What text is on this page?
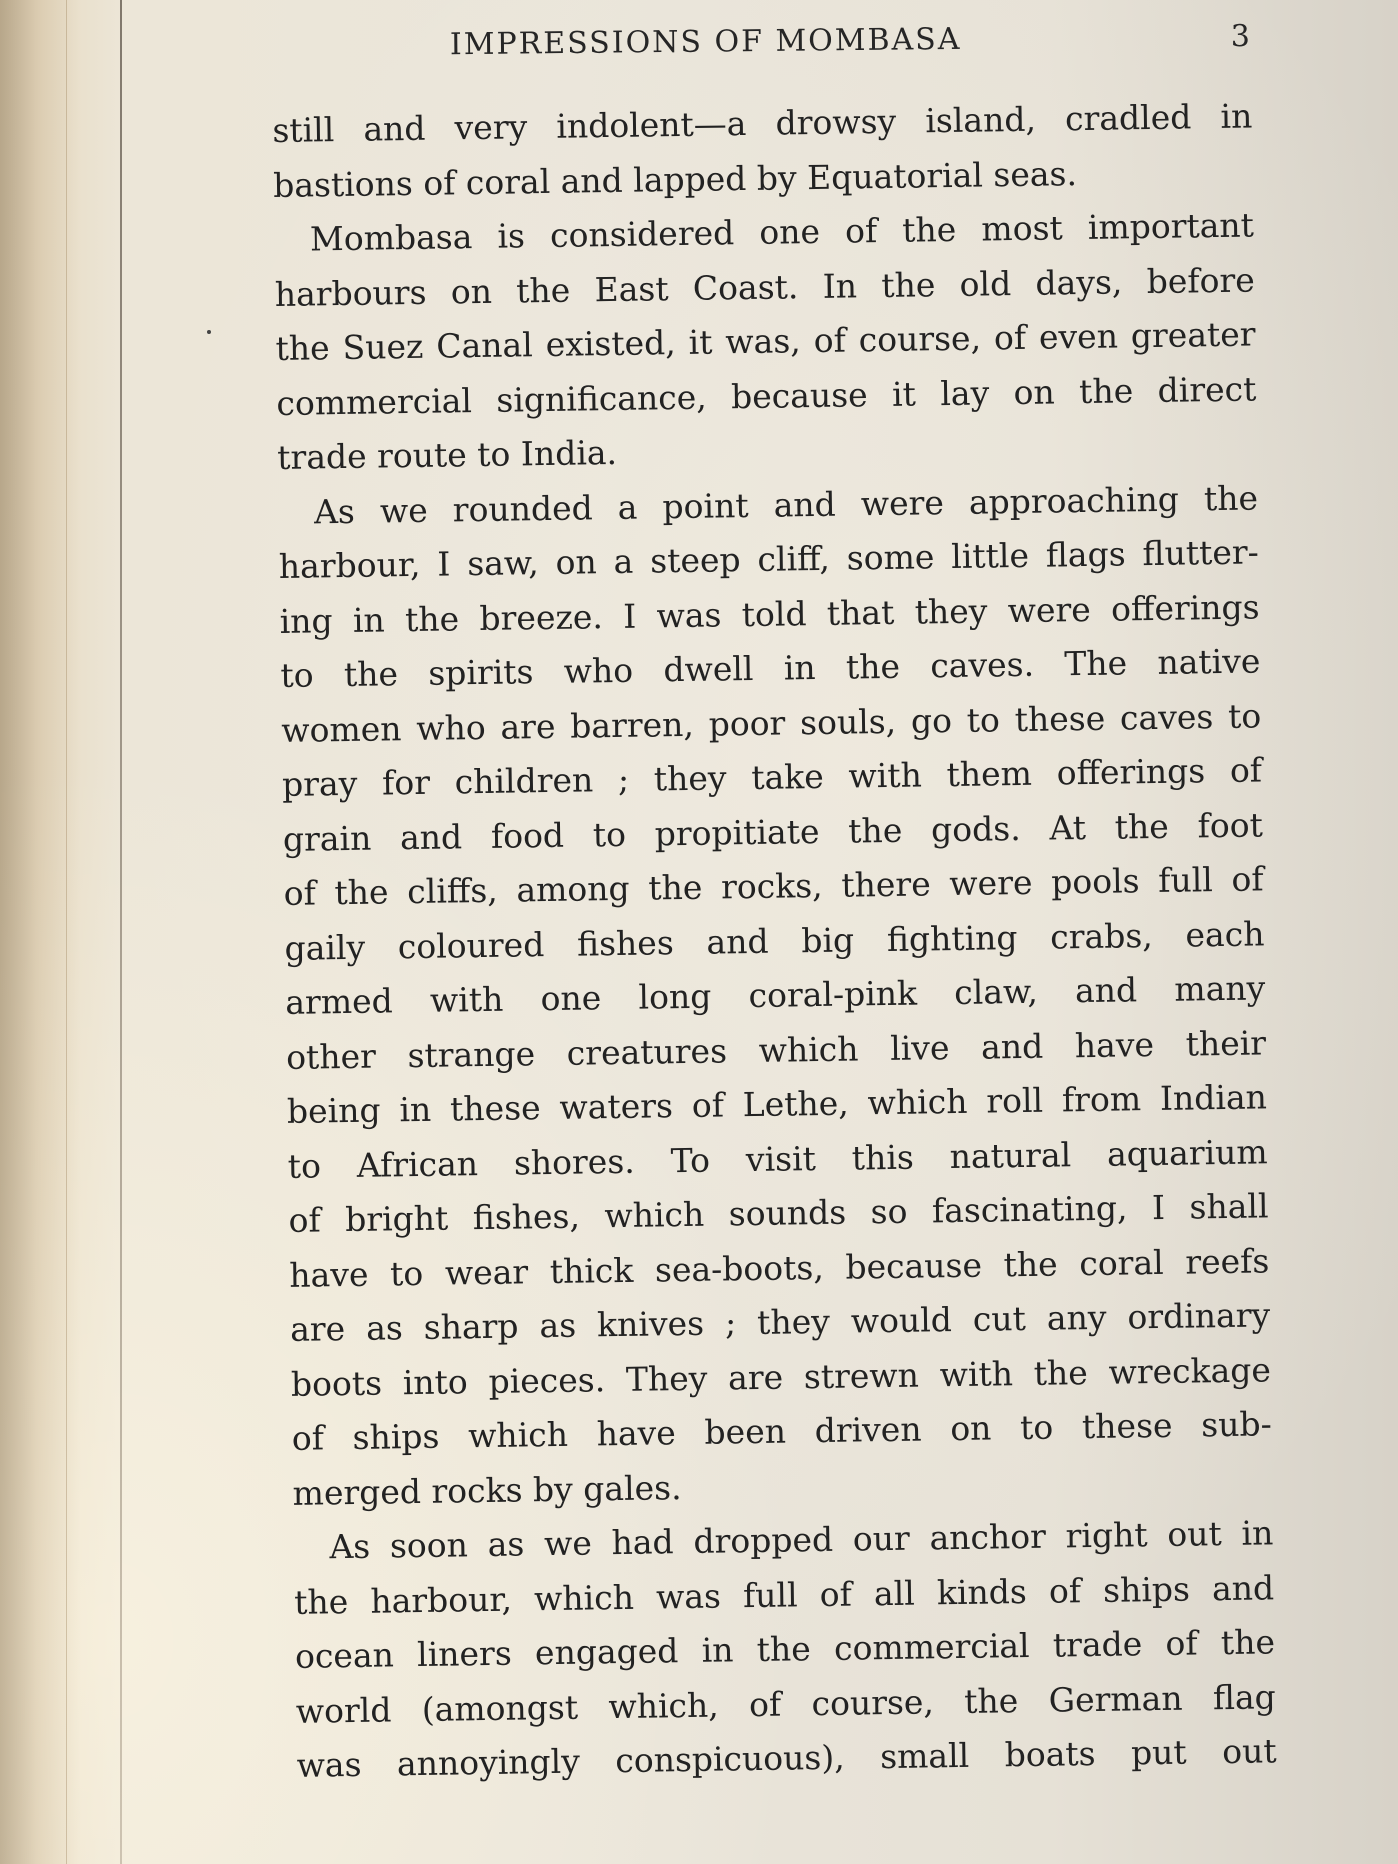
IMPRESSIONS OF MOMBASA	3
still and very indolent—a drowsy island, cradled in
bastions of coral and lapped by Equatorial seas.
Mombasa is considered one of the most important
harbours on the East Coast. In the old days, before
the Suez Canal existed, it was, of course, of even greater
commercial significance, because it lay on the direct
trade route to India.
As we rounded a point and were approaching the
harbour, I saw, on a steep cliff, some little flags flutter-
ing in the breeze. I was told that they were offerings
to the spirits who dwell in the caves. The native
women who are barren, poor souls, go to these caves to
pray for children ; they take with them offerings of
grain and food to propitiate the gods. At the foot
of the cliffs, among the rocks, there were pools full of
gaily coloured fishes and big fighting crabs, each
armed with one long coral-pink claw, and many
other strange creatures which live and have their
being in these waters of Lethe, which roll from Indian
to African shores. To visit this natural aquarium
of bright fishes, which sounds so fascinating, I shall
have to wear thick sea-boots, because the coral reefs
are as sharp as knives ; they would cut any ordinary
boots into pieces. They are strewn with the wreckage
of ships which have been driven on to these sub-
merged rocks by gales.
As soon as we had dropped our anchor right out in
the harbour, which was full of all kinds of ships and
ocean liners engaged in the commercial trade of the
world (amongst which, of course, the German flag
was annoyingly conspicuous), small boats put out
